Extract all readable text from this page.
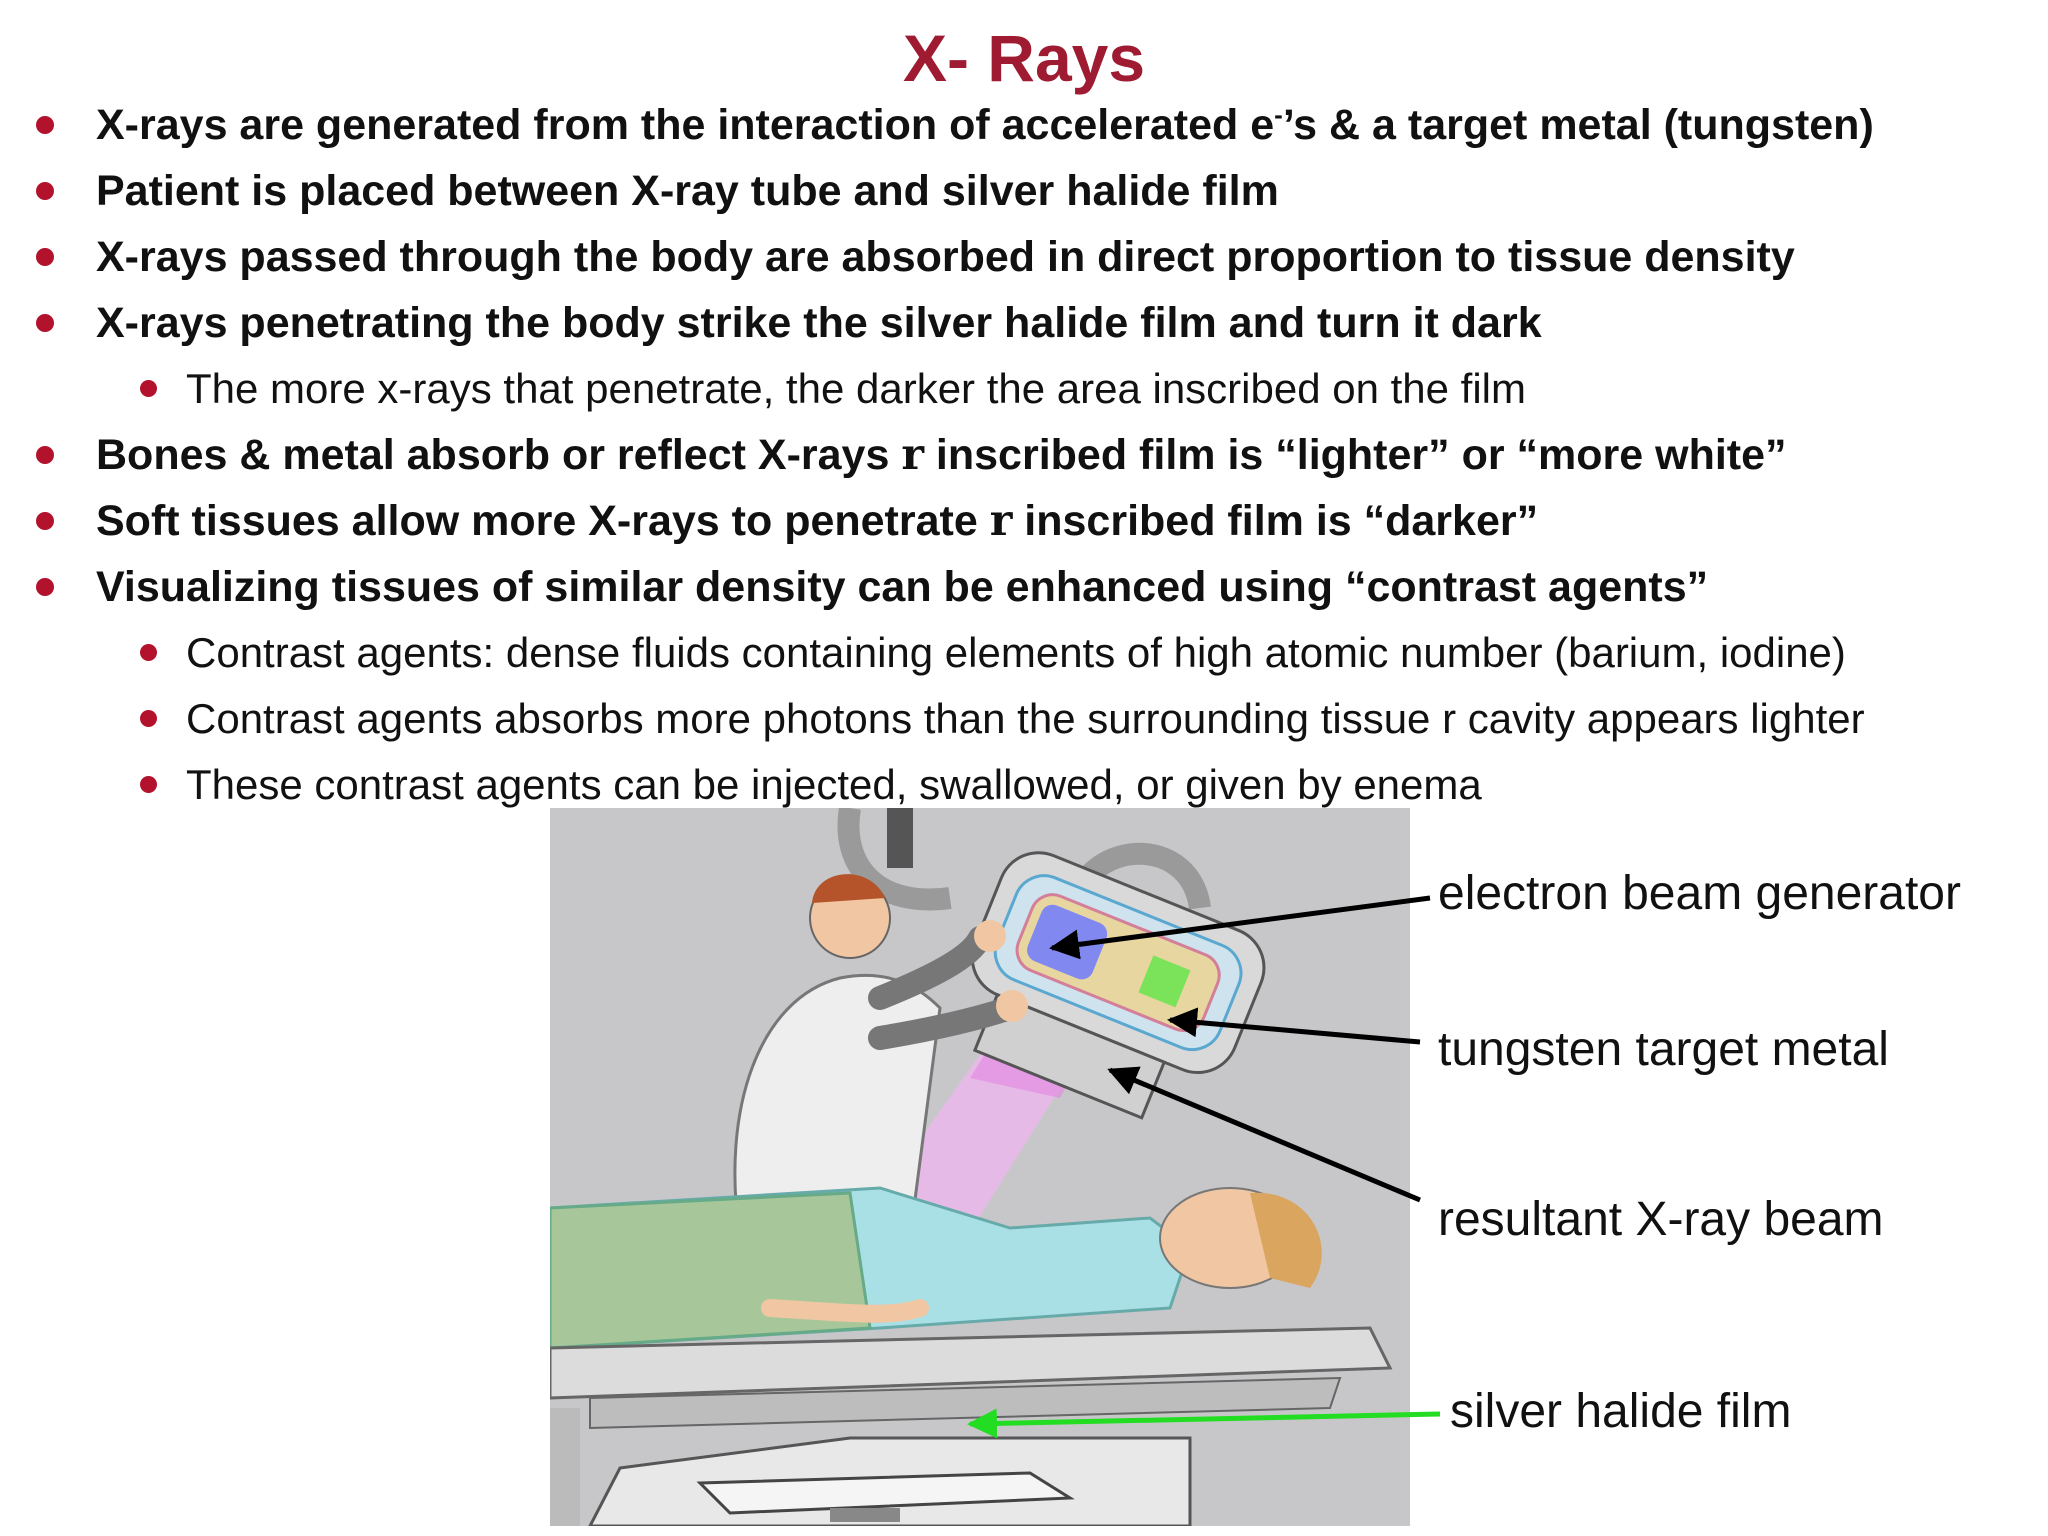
X- Rays
X-rays are generated from the interaction of accelerated e-’s & a target metal (tungsten)
Patient is placed between X-ray tube and silver halide film
X-rays passed through the body are absorbed in direct proportion to tissue density
X-rays penetrating the body strike the silver halide film and turn it dark
The more x-rays that penetrate, the darker the area inscribed on the film
Bones & metal absorb or reflect X-rays r inscribed film is “lighter” or “more white”
Soft tissues allow more X-rays to penetrate r inscribed film is “darker”
Visualizing tissues of similar density can be enhanced using “contrast agents”
Contrast agents: dense fluids containing elements of high atomic number (barium, iodine)
Contrast agents absorbs more photons than the surrounding tissue r cavity appears lighter
These contrast agents can be injected, swallowed, or given by enema
electron beam generator
tungsten target metal
resultant X-ray beam
silver halide film
